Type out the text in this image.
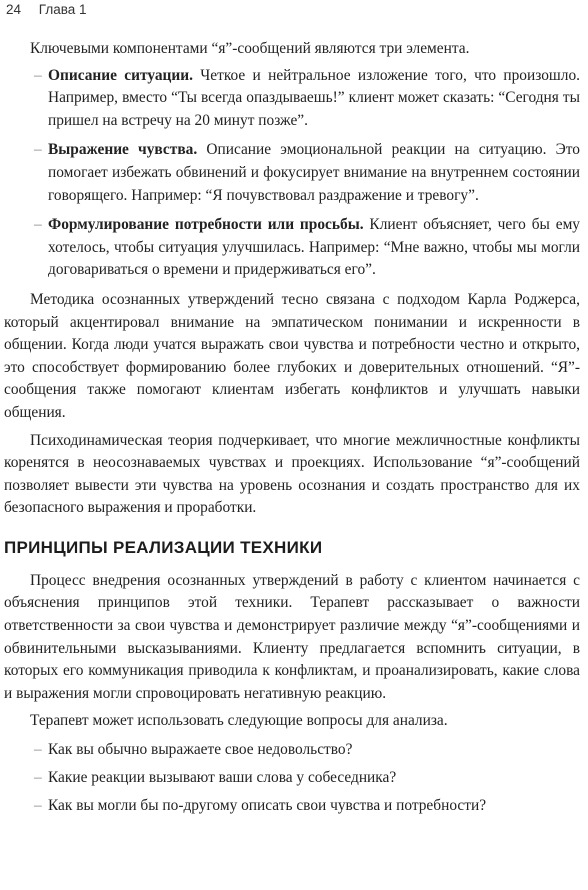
24 Глава 1

Ключевыми компонентами “я”-сообщений являются три элемента.

– Описание ситуации. Четкое и нейтральное изложение того, что произошло. Например, вместо “Ты всегда опаздываешь!” клиент может сказать: “Сегодня ты пришел на встречу на 20 минут позже”.
– Выражение чувства. Описание эмоциональной реакции на ситуацию. Это помогает избежать обвинений и фокусирует внимание на внутреннем состоянии говорящего. Например: “Я почувствовал раздражение и тревогу”.
– Формулирование потребности или просьбы. Клиент объясняет, чего бы ему хотелось, чтобы ситуация улучшилась. Например: “Мне важно, чтобы мы могли договариваться о времени и придерживаться его”.

Методика осознанных утверждений тесно связана с подходом Карла Роджерса, который акцентировал внимание на эмпатическом понимании и искренности в общении. Когда люди учатся выражать свои чувства и потребности честно и открыто, это способствует формированию более глубоких и доверительных отношений. “Я”-сообщения также помогают клиентам избегать конфликтов и улучшать навыки общения.

Психодинамическая теория подчеркивает, что многие межличностные конфликты коренятся в неосознаваемых чувствах и проекциях. Использование “я”-сообщений позволяет вывести эти чувства на уровень осознания и создать пространство для их безопасного выражения и проработки.

ПРИНЦИПЫ РЕАЛИЗАЦИИ ТЕХНИКИ

Процесс внедрения осознанных утверждений в работу с клиентом начинается с объяснения принципов этой техники. Терапевт рассказывает о важности ответственности за свои чувства и демонстрирует различие между “я”-сообщениями и обвинительными высказываниями. Клиенту предлагается вспомнить ситуации, в которых его коммуникация приводила к конфликтам, и проанализировать, какие слова и выражения могли спровоцировать негативную реакцию.

Терапевт может использовать следующие вопросы для анализа.

– Как вы обычно выражаете свое недовольство?
– Какие реакции вызывают ваши слова у собеседника?
– Как вы могли бы по-другому описать свои чувства и потребности?
